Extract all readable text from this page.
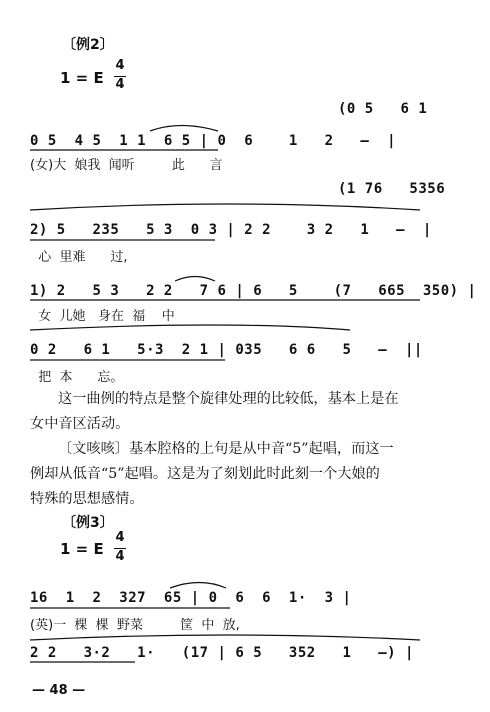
〔例2〕
1 = E
4
4
(0 5   6 1
0 5  4 5  1 1  6 5 | 0  6    1   2   —  |
(女)大  娘我  闻听         此      言
(1 76   5356
2) 5   235   5 3  0 3 | 2 2    3 2   1   —  |
心  里难      过,
1) 2   5 3   2 2   7 6 | 6   5    (7   665  350) |
女  儿她   身在  福    中
0 2   6 1   5·3  2 1 | 035   6 6   5   —  ||
把  本      忘。
这一曲例的特点是整个旋律处理的比较低，基本上是在
女中音区活动。
〔文咳咳〕基本腔格的上句是从中音“5”起唱，而这一
例却从低音“5”起唱。这是为了刻划此时此刻一个大娘的
特殊的思想感情。
〔例3〕
1 = E
4
4
16  1  2  327  65 | 0  6  6  1·  3 |
(英)一  棵  棵  野菜         筐  中  放,
2 2   3·2   1·   (17 | 6 5   352   1   —) |
— 48 —
